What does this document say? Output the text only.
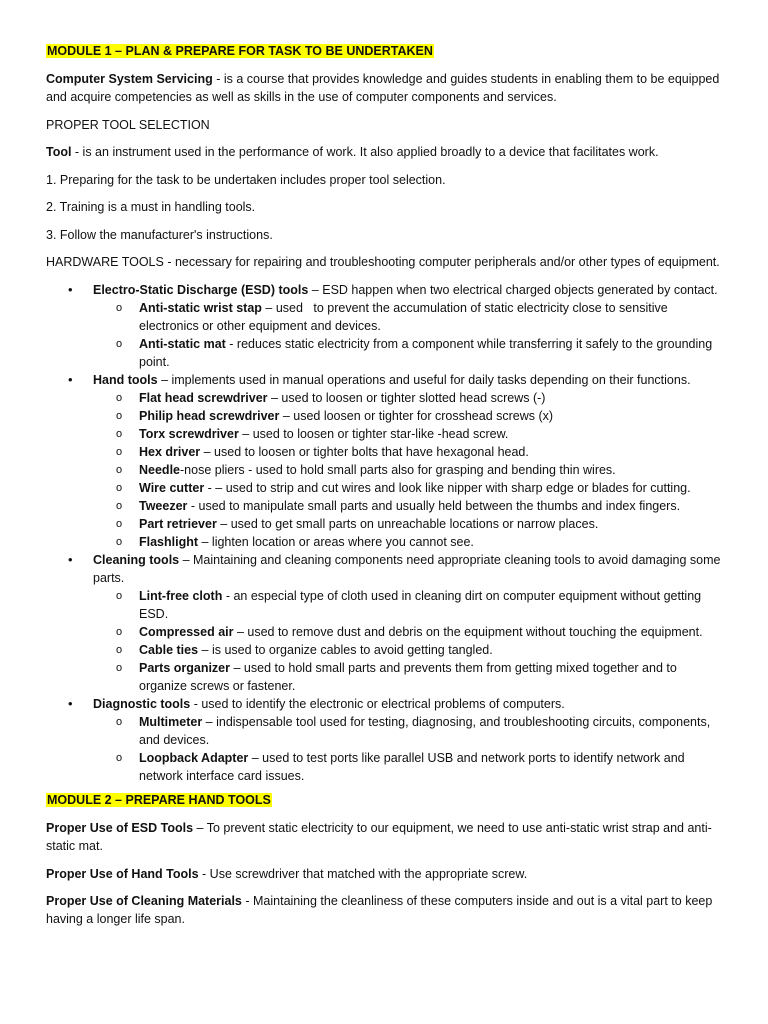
MODULE 1 – PLAN & PREPARE FOR TASK TO BE UNDERTAKEN

Computer System Servicing - is a course that provides knowledge and guides students in enabling them to be equipped and acquire competencies as well as skills in the use of computer components and services.

PROPER TOOL SELECTION

Tool - is an instrument used in the performance of work. It also applied broadly to a device that facilitates work.

1. Preparing for the task to be undertaken includes proper tool selection.

2. Training is a must in handling tools.

3. Follow the manufacturer's instructions.

HARDWARE TOOLS - necessary for repairing and troubleshooting computer peripherals and/or other types of equipment.

• Electro-Static Discharge (ESD) tools – ESD happen when two electrical charged objects generated by contact.
o Anti-static wrist stap – used   to prevent the accumulation of static electricity close to sensitive electronics or other equipment and devices.
o Anti-static mat - reduces static electricity from a component while transferring it safely to the grounding point.
• Hand tools – implements used in manual operations and useful for daily tasks depending on their functions.
o Flat head screwdriver – used to loosen or tighter slotted head screws (-)
o Philip head screwdriver – used loosen or tighter for crosshead screws (x)
o Torx screwdriver – used to loosen or tighter star-like -head screw.
o Hex driver – used to loosen or tighter bolts that have hexagonal head.
o Needle-nose pliers - used to hold small parts also for grasping and bending thin wires.
o Wire cutter - – used to strip and cut wires and look like nipper with sharp edge or blades for cutting.
o Tweezer - used to manipulate small parts and usually held between the thumbs and index fingers.
o Part retriever – used to get small parts on unreachable locations or narrow places.
o Flashlight – lighten location or areas where you cannot see.
• Cleaning tools – Maintaining and cleaning components need appropriate cleaning tools to avoid damaging some parts.
o Lint-free cloth - an especial type of cloth used in cleaning dirt on computer equipment without getting ESD.
o Compressed air – used to remove dust and debris on the equipment without touching the equipment.
o Cable ties – is used to organize cables to avoid getting tangled.
o Parts organizer – used to hold small parts and prevents them from getting mixed together and to organize screws or fastener.
• Diagnostic tools - used to identify the electronic or electrical problems of computers.
o Multimeter – indispensable tool used for testing, diagnosing, and troubleshooting circuits, components, and devices.
o Loopback Adapter – used to test ports like parallel USB and network ports to identify network and network interface card issues.
MODULE 2 – PREPARE HAND TOOLS

Proper Use of ESD Tools – To prevent static electricity to our equipment, we need to use anti-static wrist strap and anti-static mat.

Proper Use of Hand Tools - Use screwdriver that matched with the appropriate screw.

Proper Use of Cleaning Materials - Maintaining the cleanliness of these computers inside and out is a vital part to keep having a longer life span.
